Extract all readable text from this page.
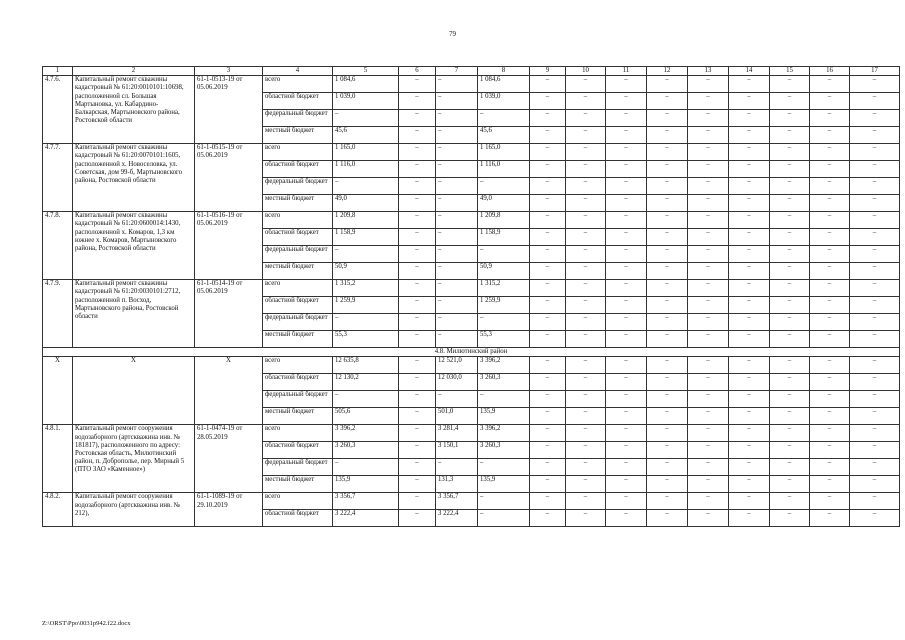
79
1	2	3	4	5	6	7	8	9	10	11	12	13	14	15	16	17
4.7.6.	Капитальный ремонт скважины кадастровый № 61:20:0010101:10698, расположенной сл. Большая Мартыновка, ул. Кабардино-Балкарская, Мартыновского района, Ростовской области	61-1-0513-19 от 05.06.2019	всего	1 084,6	–	–	1 084,6	–	–	–	–	–	–	–	–	–
			областной бюджет	1 039,0	–	–	1 039,0	–	–	–	–	–	–	–	–	–
			федеральный бюджет	–	–	–	–	–	–	–	–	–	–	–	–	–
			местный бюджет	45,6	–	–	45,6	–	–	–	–	–	–	–	–	–
4.7.7.	Капитальный ремонт скважины кадастровый № 61:20:0070101:1605, расположенной х. Новоселовка, ул. Советская, дом 99-б, Мартыновского района, Ростовской области	61-1-0515-19 от 05.06.2019	всего	1 165,0	–	–	1 165,0	–	–	–	–	–	–	–	–	–
			областной бюджет	1 116,0	–	–	1 116,0	–	–	–	–	–	–	–	–	–
			федеральный бюджет	–	–	–	–	–	–	–	–	–	–	–	–	–
			местный бюджет	49,0	–	–	49,0	–	–	–	–	–	–	–	–	–
4.7.8.	Капитальный ремонт скважины кадастровый № 61:20:0600014:1430, расположенной х. Комаров, 1,3 км южнее х. Комаров, Мартыновского района, Ростовской области	61-1-0516-19 от 05.06.2019	всего	1 209,8	–	–	1 209,8	–	–	–	–	–	–	–	–	–
			областной бюджет	1 158,9	–	–	1 158,9	–	–	–	–	–	–	–	–	–
			федеральный бюджет	–	–	–	–	–	–	–	–	–	–	–	–	–
			местный бюджет	50,9	–	–	50,9	–	–	–	–	–	–	–	–	–
4.7.9.	Капитальный ремонт скважины кадастровый № 61:20:0030101:2712, расположенной п. Восход, Мартыновского района, Ростовской области	61-1-0514-19 от 05.06.2019	всего	1 315,2	–	–	1 315,2	–	–	–	–	–	–	–	–	–
			областной бюджет	1 259,9	–	–	1 259,9	–	–	–	–	–	–	–	–	–
			федеральный бюджет	–	–	–	–	–	–	–	–	–	–	–	–	–
			местный бюджет	55,3	–	–	55,3	–	–	–	–	–	–	–	–	–
4.8. Милютинский район																
X	X	X	всего	12 635,8	–	12 521,0	3 396,2	–	–	–	–	–	–	–	–	–
			областной бюджет	12 130,2	–	12 030,0	3 260,3	–	–	–	–	–	–	–	–	–
			федеральный бюджет	–	–	–	–	–	–	–	–	–	–	–	–	–
			местный бюджет	505,6	–	501,0	135,9	–	–	–	–	–	–	–	–	–
4.8.1.	Капитальный ремонт сооружения водозаборного (артскважина инв. № 181817), расположенного по адресу: Ростовская область, Милютинский район, п. Доброполье, пер. Мирный 5 (ПТО ЗАО «Каменное»)	61-1-0474-19 от 28.05.2019	всего	3 396,2	–	3 281,4	3 396,2	–	–	–	–	–	–	–	–	–
			областной бюджет	3 260,3	–	3 150,1	3 260,3	–	–	–	–	–	–	–	–	–
			федеральный бюджет	–	–	–	–	–	–	–	–	–	–	–	–	–
			местный бюджет	135,9	–	131,3	135,9	–	–	–	–	–	–	–	–	–
4.8.2.	Капитальный ремонт сооружения водозаборного (артскважина инв. № 212),	61-1-1089-19 от 29.10.2019	всего	3 356,7	–	3 356,7	–	–	–	–	–	–	–	–	–	–
			областной бюджет	3 222,4	–	3 222,4	–	–	–	–	–	–	–	–	–	–
Z:\ORST\Ppo\0031p942.f22.docx
